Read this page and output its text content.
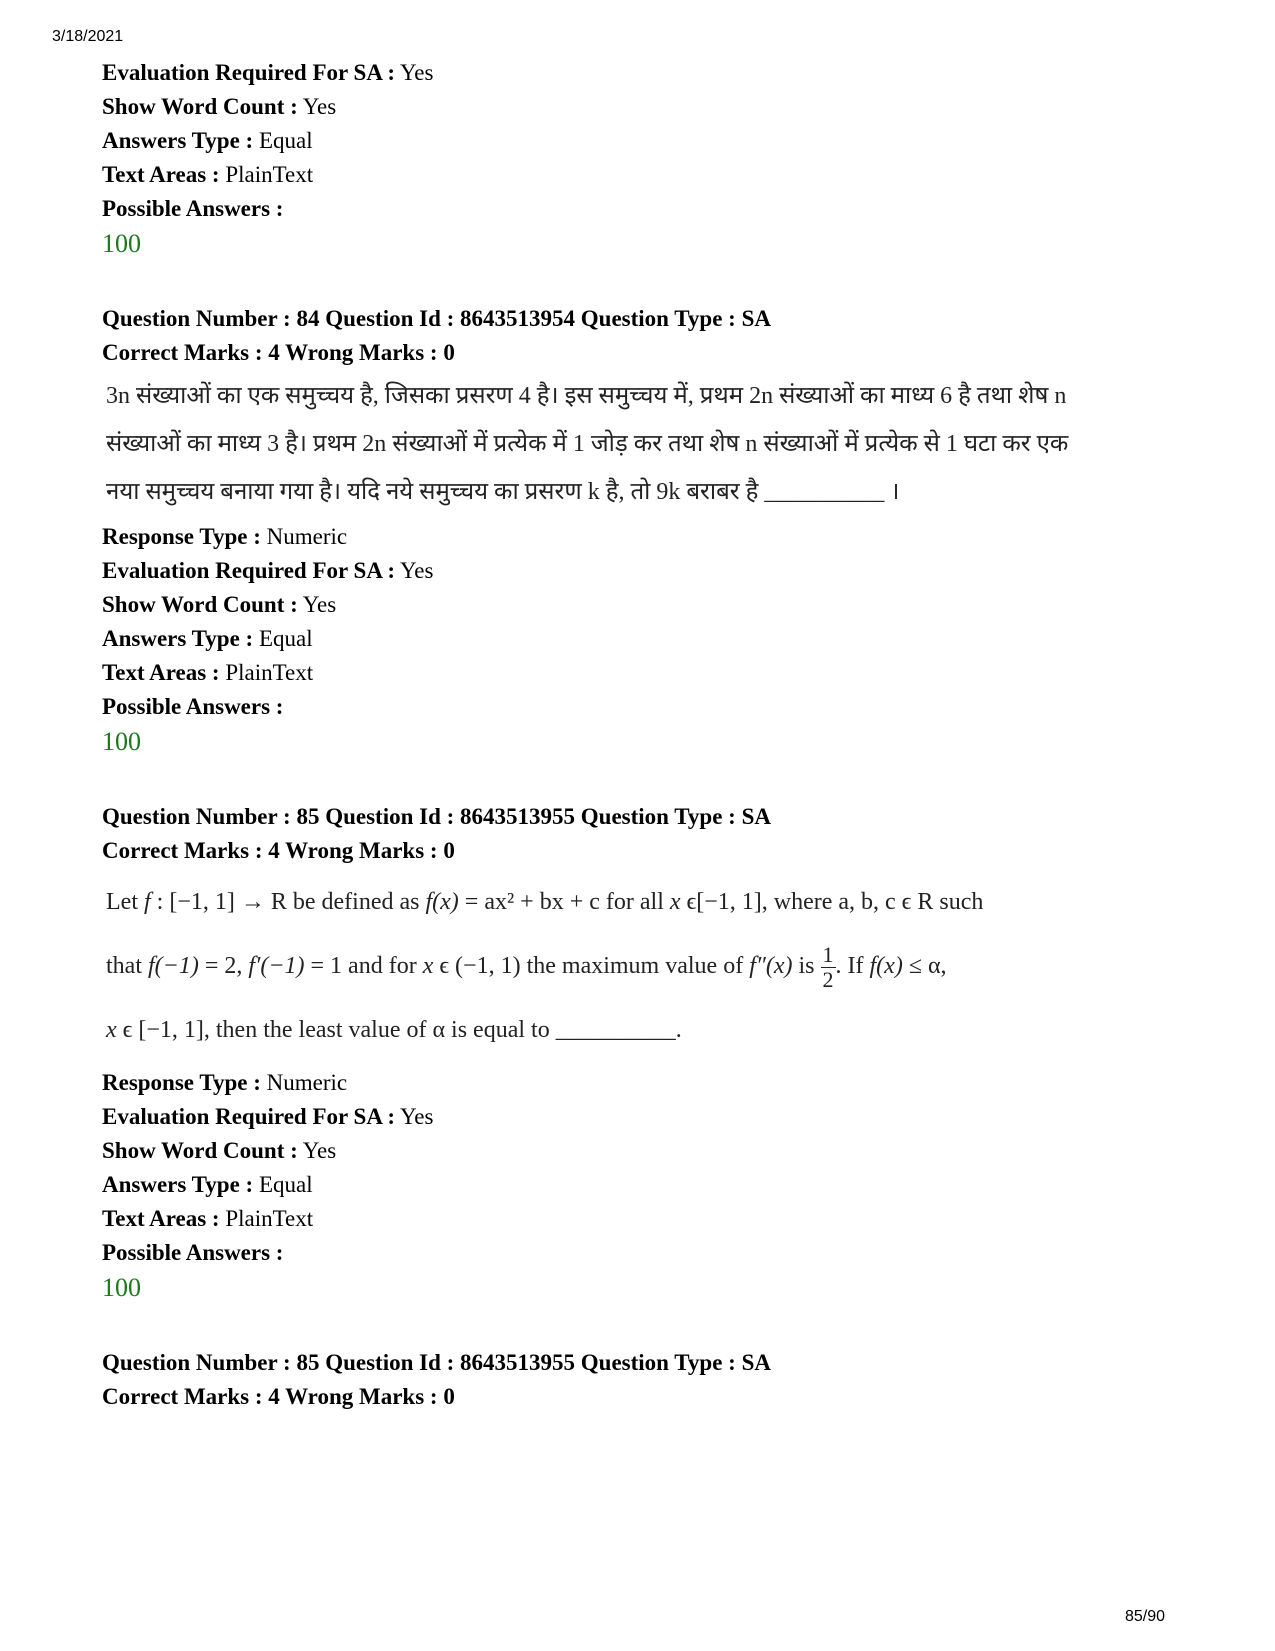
3/18/2021
Evaluation Required For SA : Yes
Show Word Count : Yes
Answers Type : Equal
Text Areas : PlainText
Possible Answers :
100
Question Number : 84 Question Id : 8643513954 Question Type : SA
Correct Marks : 4 Wrong Marks : 0
3n संख्याओं का एक समुच्चय है, जिसका प्रसरण 4 है। इस समुच्चय में, प्रथम 2n संख्याओं का माध्य 6 है तथा शेष n
संख्याओं का माध्य 3 है। प्रथम 2n संख्याओं में प्रत्येक में 1 जोड़ कर तथा शेष n संख्याओं में प्रत्येक से 1 घटा कर एक
नया समुच्चय बनाया गया है। यदि नये समुच्चय का प्रसरण k है, तो 9k बराबर है __________ ।
Response Type : Numeric
Evaluation Required For SA : Yes
Show Word Count : Yes
Answers Type : Equal
Text Areas : PlainText
Possible Answers :
100
Question Number : 85 Question Id : 8643513955 Question Type : SA
Correct Marks : 4 Wrong Marks : 0
Let f : [−1, 1] → R be defined as f(x) = ax² + bx + c for all x ϵ[−1, 1], where a, b, c ϵ R such
that f(−1) = 2, f′(−1) = 1 and for x ϵ (−1, 1) the maximum value of f″(x) is $\frac{1}{2}$ . If f(x) ≤ α,
x ϵ [−1, 1], then the least value of α is equal to __________.
Response Type : Numeric
Evaluation Required For SA : Yes
Show Word Count : Yes
Answers Type : Equal
Text Areas : PlainText
Possible Answers :
100
Question Number : 85 Question Id : 8643513955 Question Type : SA
Correct Marks : 4 Wrong Marks : 0
85/90
